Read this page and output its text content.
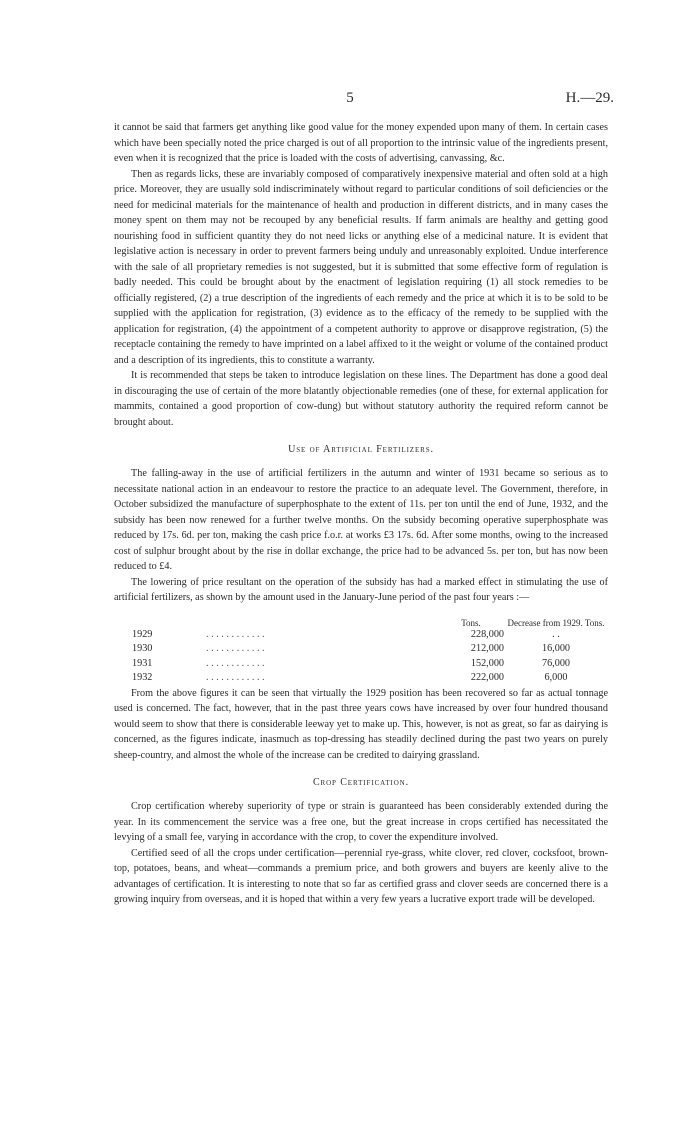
5	H.—29.

it cannot be said that farmers get anything like good value for the money expended upon many of them. In certain cases which have been specially noted the price charged is out of all proportion to the intrinsic value of the ingredients present, even when it is recognized that the price is loaded with the costs of advertising, canvassing, &c.

Then as regards licks, these are invariably composed of comparatively inexpensive material and often sold at a high price. Moreover, they are usually sold indiscriminately without regard to particular conditions of soil deficiencies or the need for medicinal materials for the maintenance of health and production in different districts, and in many cases the money spent on them may not be recouped by any beneficial results. If farm animals are healthy and getting good nourishing food in sufficient quantity they do not need licks or anything else of a medicinal nature. It is evident that legislative action is necessary in order to prevent farmers being unduly and unreasonably exploited. Undue interference with the sale of all proprietary remedies is not suggested, but it is submitted that some effective form of regulation is badly needed. This could be brought about by the enactment of legislation requiring (1) all stock remedies to be officially registered, (2) a true description of the ingredients of each remedy and the price at which it is to be sold to be supplied with the application for registration, (3) evidence as to the efficacy of the remedy to be supplied with the application for registration, (4) the appointment of a competent authority to approve or disapprove registration, (5) the receptacle containing the remedy to have imprinted on a label affixed to it the weight or volume of the contained product and a description of its ingredients, this to constitute a warranty.

It is recommended that steps be taken to introduce legislation on these lines. The Department has done a good deal in discouraging the use of certain of the more blatantly objectionable remedies (one of these, for external application for mammits, contained a good proportion of cow-dung) but without statutory authority the required reform cannot be brought about.

Use of Artificial Fertilizers.

The falling-away in the use of artificial fertilizers in the autumn and winter of 1931 became so serious as to necessitate national action in an endeavour to restore the practice to an adequate level. The Government, therefore, in October subsidized the manufacture of superphosphate to the extent of 11s. per ton until the end of June, 1932, and the subsidy has been now renewed for a further twelve months. On the subsidy becoming operative superphosphate was reduced by 17s. 6d. per ton, making the cash price f.o.r. at works £3 17s. 6d. After some months, owing to the increased cost of sulphur brought about by the rise in dollar exchange, the price had to be advanced 5s. per ton, but has now been reduced to £4.

The lowering of price resultant on the operation of the subsidy has had a marked effect in stimulating the use of artificial fertilizers, as shown by the amount used in the January-June period of the past four years :—

		Tons.	Decrease from 1929. Tons.
1929	. . . . . . . . . . . .	228,000	. .
1930	. . . . . . . . . . . .	212,000	16,000
1931	. . . . . . . . . . . .	152,000	76,000
1932	. . . . . . . . . . . .	222,000	6,000

From the above figures it can be seen that virtually the 1929 position has been recovered so far as actual tonnage used is concerned. The fact, however, that in the past three years cows have increased by over four hundred thousand would seem to show that there is considerable leeway yet to make up. This, however, is not as great, so far as dairying is concerned, as the figures indicate, inasmuch as top-dressing has steadily declined during the past two years on purely sheep-country, and almost the whole of the increase can be credited to dairying grassland.

Crop Certification.

Crop certification whereby superiority of type or strain is guaranteed has been considerably extended during the year. In its commencement the service was a free one, but the great increase in crops certified has necessitated the levying of a small fee, varying in accordance with the crop, to cover the expenditure involved.

Certified seed of all the crops under certification—perennial rye-grass, white clover, red clover, cocksfoot, brown-top, potatoes, beans, and wheat—commands a premium price, and both growers and buyers are keenly alive to the advantages of certification. It is interesting to note that so far as certified grass and clover seeds are concerned there is a growing inquiry from overseas, and it is hoped that within a very few years a lucrative export trade will be developed.
